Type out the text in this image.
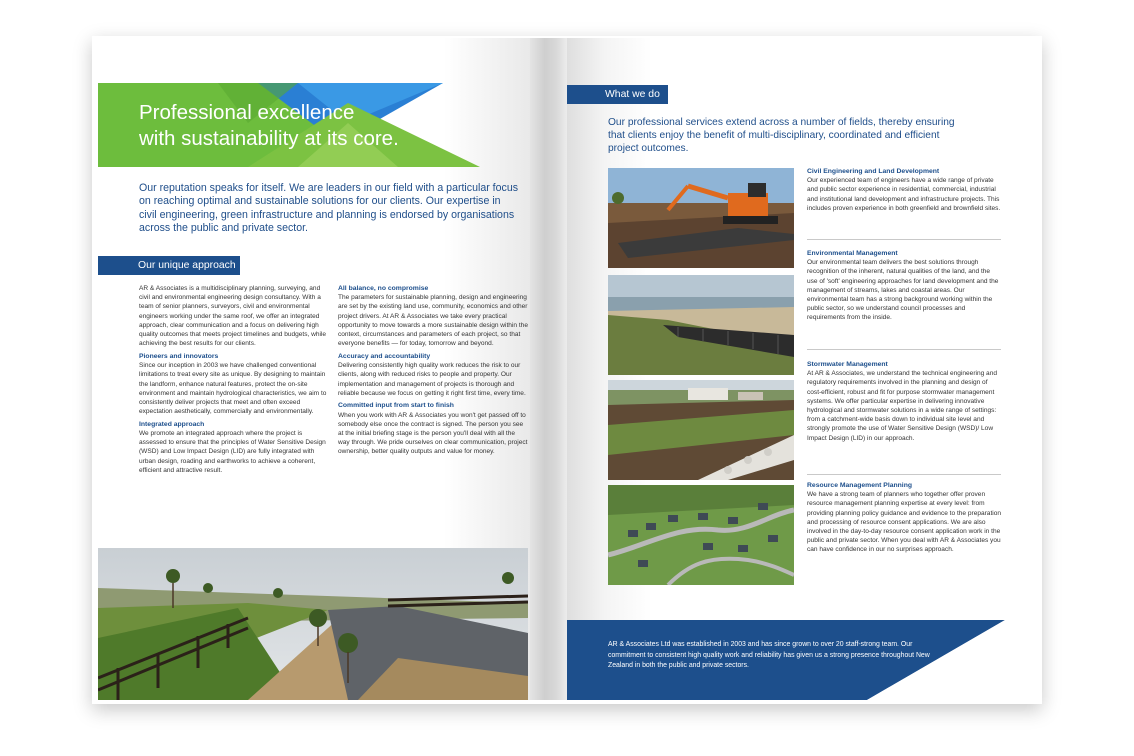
Professional excellence
with sustainability at its core.
Our reputation speaks for itself. We are leaders in our field with a particular focus on reaching optimal and sustainable solutions for our clients. Our expertise in civil engineering, green infrastructure and planning is endorsed by organisations across the public and private sector.
Our unique approach

AR & Associates is a multidisciplinary planning, surveying, and civil and environmental engineering design consultancy. With a team of senior planners, surveyors, civil and environmental engineers working under the same roof, we offer an integrated approach, clear communication and a focus on delivering high quality outcomes that meets project timelines and budgets, while achieving the best results for our clients.

Pioneers and innovators

Since our inception in 2003 we have challenged conventional limitations to treat every site as unique. By designing to maintain the landform, enhance natural features, protect the on-site environment and maintain hydrological characteristics, we aim to consistently deliver projects that meet and often exceed expectation aesthetically, commercially and environmentally.

Integrated approach

We promote an integrated approach where the project is assessed to ensure that the principles of Water Sensitive Design (WSD) and Low Impact Design (LID) are fully integrated with urban design, roading and earthworks to achieve a coherent, efficient and attractive result.

All balance, no compromise

The parameters for sustainable planning, design and engineering are set by the existing land use, community, economics and other project drivers. At AR & Associates we take every practical opportunity to move towards a more sustainable design within the context, circumstances and parameters of each project, so that everyone benefits — for today, tomorrow and beyond.

Accuracy and accountability

Delivering consistently high quality work reduces the risk to our clients, along with reduced risks to people and property. Our implementation and management of projects is thorough and reliable because we focus on getting it right first time, every time.

Committed input from start to finish

When you work with AR & Associates you won't get passed off to somebody else once the contract is signed. The person you see at the initial briefing stage is the person you'll deal with all the way through. We pride ourselves on clear communication, project ownership, better quality outputs and value for money.

What we do
Our professional services extend across a number of fields, thereby ensuring that clients enjoy the benefit of multi-disciplinary, coordinated and efficient project outcomes.
Civil Engineering and Land Development

Our experienced team of engineers have a wide range of private and public sector experience in residential, commercial, industrial and institutional land development and infrastructure projects. This includes proven experience in both greenfield and brownfield sites.

Environmental Management

Our environmental team delivers the best solutions through recognition of the inherent, natural qualities of the land, and the use of 'soft' engineering approaches for land development and the management of streams, lakes and coastal areas. Our environmental team has a strong background working within the public sector, so we understand council processes and requirements from the inside.

Stormwater Management

At AR & Associates, we understand the technical engineering and regulatory requirements involved in the planning and design of cost-efficient, robust and fit for purpose stormwater management systems. We offer particular expertise in delivering innovative hydrological and stormwater solutions in a wide range of settings: from a catchment-wide basis down to individual site level and strongly promote the use of Water Sensitive Design (WSD)/ Low Impact Design (LID) in our approach.

Resource Management Planning

We have a strong team of planners who together offer proven resource management planning expertise at every level: from providing planning policy guidance and evidence to the preparation and processing of resource consent applications. We are also involved in the day-to-day resource consent application work in the public and private sector. When you deal with AR & Associates you can have confidence in our no surprises approach.

AR & Associates Ltd was established in 2003 and has since grown to over 20 staff-strong team. Our commitment to consistent high quality work and reliability has given us a strong presence throughout New Zealand in both the public and private sectors.
